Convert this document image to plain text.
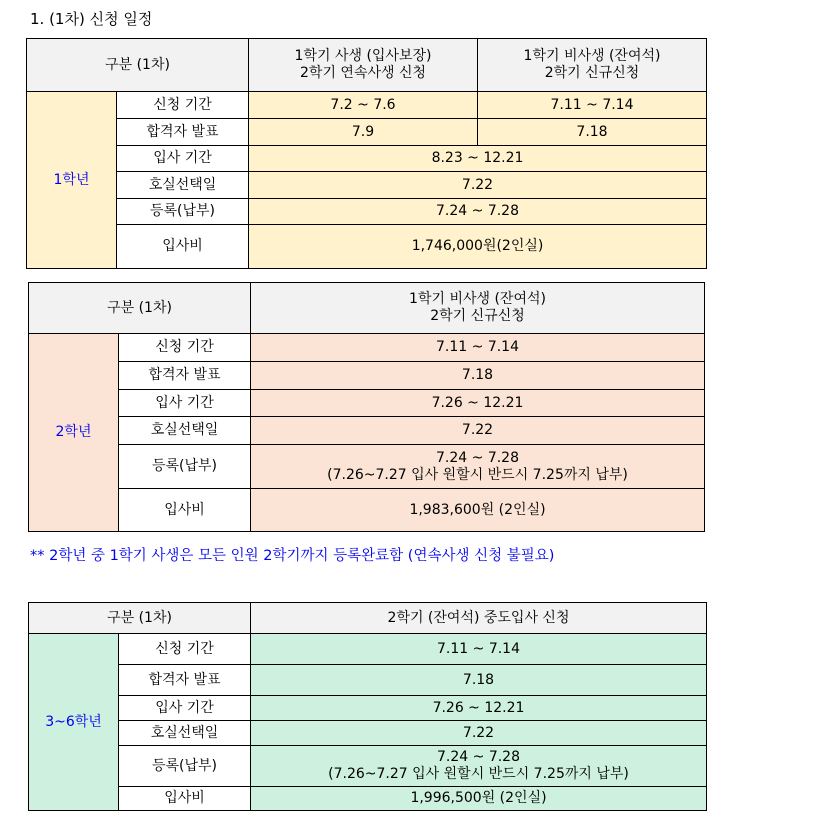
1. (1차) 신청 일정
구분 (1차)		1학기 사생 (입사보장)
2학기 연속사생 신청	1학기 비사생 (잔여석)
2학기 신규신청

1학년	신청 기간	7.2 ~ 7.6	7.11 ~ 7.14
	합격자 발표	7.9	7.18
	입사 기간	8.23 ~ 12.21	
	호실선택일	7.22	
	등록(납부)	7.24 ~ 7.28	
	입사비	1,746,000원(2인실)	
구분 (1차)		1학기 비사생 (잔여석)
2학기 신규신청

2학년	신청 기간	7.11 ~ 7.14
	합격자 발표	7.18
	입사 기간	7.26 ~ 12.21
	호실선택일	7.22
	등록(납부)	7.24 ~ 7.28
(7.26~7.27 입사 원할시 반드시 7.25까지 납부)

	입사비	1,983,600원 (2인실)
** 2학년 중 1학기 사생은 모든 인원 2학기까지 등록완료함 (연속사생 신청 불필요)
구분 (1차)		2학기 (잔여석) 중도입사 신청
3~6학년	신청 기간	7.11 ~ 7.14
	합격자 발표	7.18
	입사 기간	7.26 ~ 12.21
	호실선택일	7.22
	등록(납부)	7.24 ~ 7.28
(7.26~7.27 입사 원할시 반드시 7.25까지 납부)

	입사비	1,996,500원 (2인실)
